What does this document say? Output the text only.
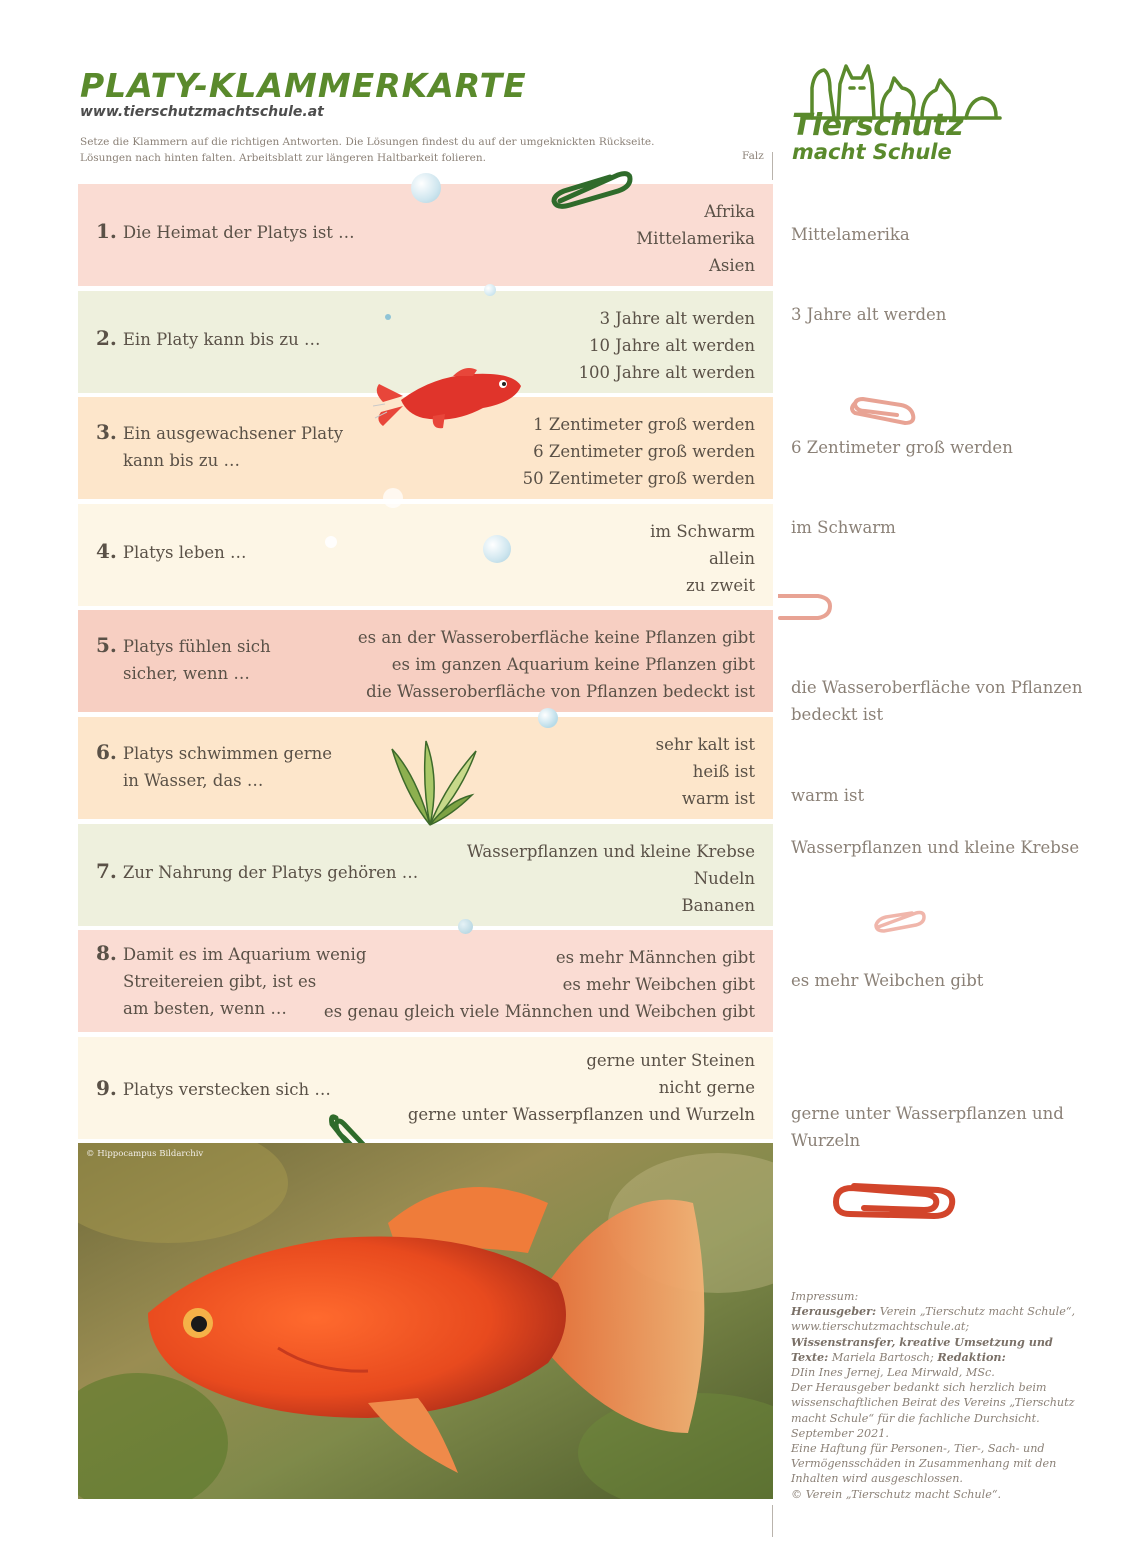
PLATY-KLAMMERKARTE
www.tierschutzmachtschule.at
Setze die Klammern auf die richtigen Antworten. Die Lösungen findest du auf der umgeknickten Rückseite.
Lösungen nach hinten falten. Arbeitsblatt zur längeren Haltbarkeit folieren.	Falz
Tierschutz
macht Schule
1. Die Heimat der Platys ist …
Afrika
Mittelamerika
Asien
2. Ein Platy kann bis zu …
3 Jahre alt werden
10 Jahre alt werden
100 Jahre alt werden
3. Ein ausgewachsener Platy
kann bis zu …
1 Zentimeter groß werden
6 Zentimeter groß werden
50 Zentimeter groß werden
4. Platys leben …
im Schwarm
allein
zu zweit
5. Platys fühlen sich
sicher, wenn …
es an der Wasseroberfläche keine Pflanzen gibt
es im ganzen Aquarium keine Pflanzen gibt
die Wasseroberfläche von Pflanzen bedeckt ist
6. Platys schwimmen gerne
in Wasser, das …
sehr kalt ist
heiß ist
warm ist
7. Zur Nahrung der Platys gehören …
Wasserpflanzen und kleine Krebse
Nudeln
Bananen
8. Damit es im Aquarium wenig
Streitereien gibt, ist es
am besten, wenn …
es mehr Männchen gibt
es mehr Weibchen gibt
es genau gleich viele Männchen und Weibchen gibt
9. Platys verstecken sich …
gerne unter Steinen
nicht gerne
gerne unter Wasserpflanzen und Wurzeln
Mittelamerika
3 Jahre alt werden
6 Zentimeter groß werden
im Schwarm
die Wasseroberfläche von Pflanzen bedeckt ist
warm ist
Wasserpflanzen und kleine Krebse
es mehr Weibchen gibt
gerne unter Wasserpflanzen und Wurzeln
© Hippocampus Bildarchiv

Impressum:

Herausgeber: Verein „Tierschutz macht Schule“, www.tierschutzmachtschule.at;

Wissenstransfer, kreative Umsetzung und Texte: Mariela Bartosch; Redaktion:

DIin Ines Jernej, Lea Mirwald, MSc.

Der Herausgeber bedankt sich herzlich beim wissenschaftlichen Beirat des Vereins „Tierschutz macht Schule“ für die fachliche Durchsicht.

September 2021.

Eine Haftung für Personen-, Tier-, Sach- und Vermögensschäden in Zusammenhang mit den Inhalten wird ausgeschlossen.

© Verein „Tierschutz macht Schule“.
